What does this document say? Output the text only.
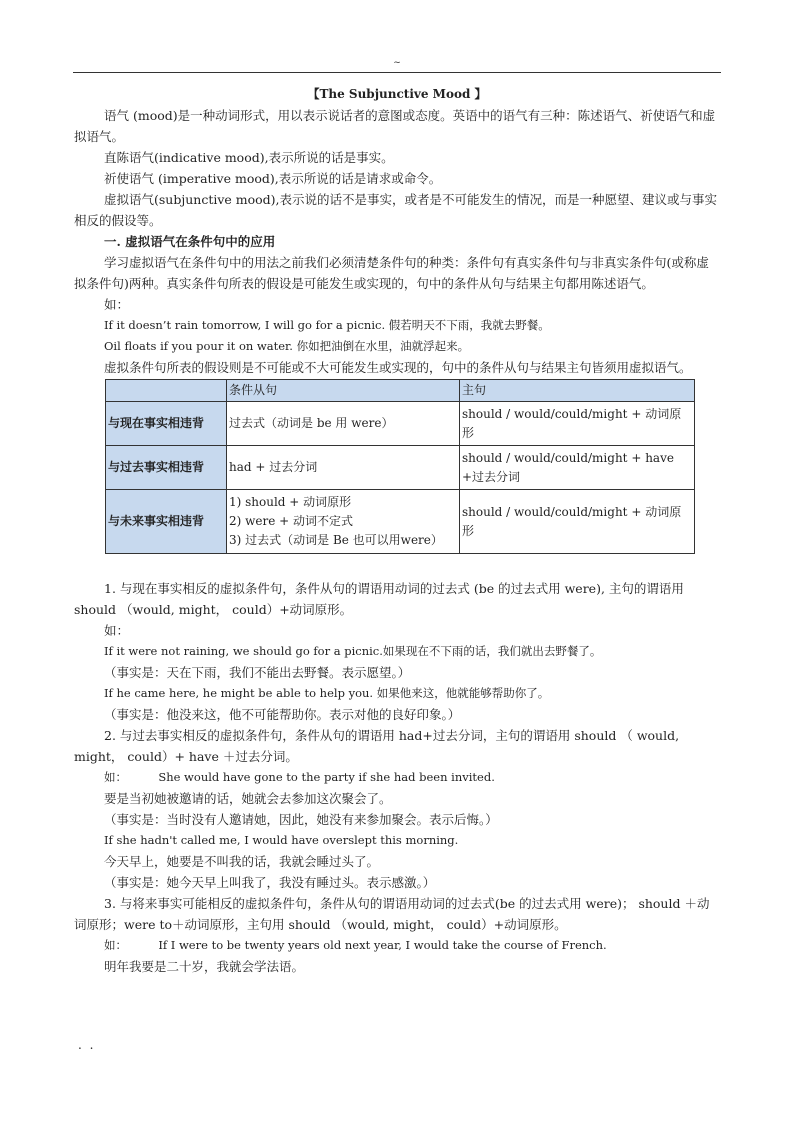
~

【The Subjunctive Mood 】

语气 (mood)是一种动词形式，用以表示说话者的意图或态度。英语中的语气有三种：陈述语气、祈使语气和虚拟语气。

直陈语气(indicative mood),表示所说的话是事实。

祈使语气 (imperative mood),表示所说的话是请求或命令。

虚拟语气(subjunctive mood),表示说的话不是事实，或者是不可能发生的情况，而是一种愿望、建议或与事实相反的假设等。

一. 虚拟语气在条件句中的应用

学习虚拟语气在条件句中的用法之前我们必须清楚条件句的种类：条件句有真实条件句与非真实条件句(或称虚拟条件句)两种。真实条件句所表的假设是可能发生或实现的，句中的条件从句与结果主句都用陈述语气。

如：

If it doesn’t rain tomorrow, I will go for a picnic. 假若明天不下雨，我就去野餐。

Oil floats if you pour it on water. 你如把油倒在水里，油就浮起来。

虚拟条件句所表的假设则是不可能或不大可能发生或实现的，句中的条件从句与结果主句皆须用虚拟语气。

	条件从句	主句
与现在事实相违背	过去式（动词是 be 用 were）	should / would/could/might + 动词原形
与过去事实相违背	had + 过去分词	should / would/could/might + have +过去分词
与未来事实相违背	1) should + 动词原形
2) were + 动词不定式
3) 过去式（动词是 Be 也可以用were）	should / would/could/might + 动词原形

1. 与现在事实相反的虚拟条件句，条件从句的谓语用动词的过去式 (be 的过去式用 were), 主句的谓语用 should （would, might， could）+动词原形。

如：

If it were not raining, we should go for a picnic.如果现在不下雨的话，我们就出去野餐了。

（事实是：天在下雨，我们不能出去野餐。表示愿望。）

If he came here, he might be able to help you. 如果他来这，他就能够帮助你了。

（事实是：他没来这，他不可能帮助你。表示对他的良好印象。）

2. 与过去事实相反的虚拟条件句，条件从句的谓语用 had+过去分词，主句的谓语用 should （ would, might， could）+ have ＋过去分词。

如：	She would have gone to the party if she had been invited.

要是当初她被邀请的话，她就会去参加这次聚会了。

（事实是：当时没有人邀请她，因此，她没有来参加聚会。表示后悔。）

If she hadn't called me, I would have overslept this morning.

今天早上，她要是不叫我的话，我就会睡过头了。

（事实是：她今天早上叫我了，我没有睡过头。表示感激。）

3. 与将来事实可能相反的虚拟条件句，条件从句的谓语用动词的过去式(be 的过去式用 were)； should ＋动词原形；were to＋动词原形，主句用 should （would, might， could）+动词原形。

如：	If I were to be twenty years old next year, I would take the course of French.

明年我要是二十岁，我就会学法语。

. .
